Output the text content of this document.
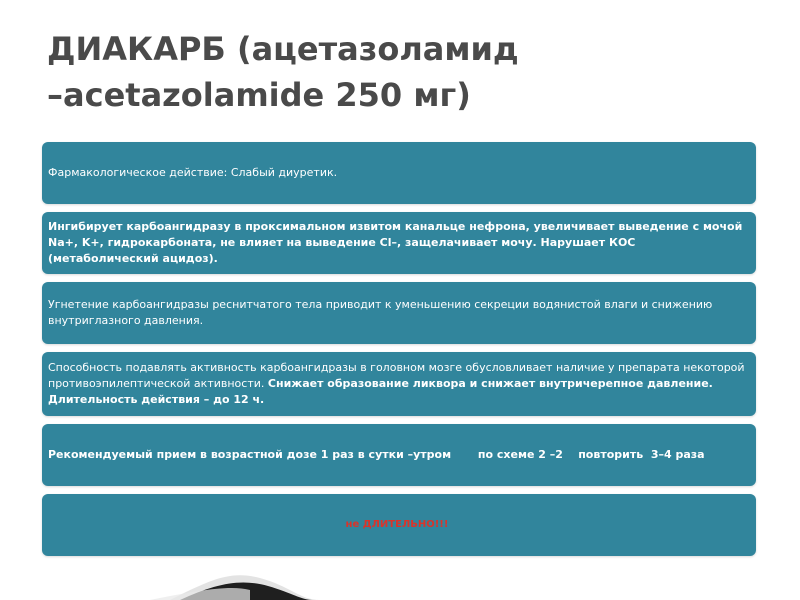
ДИАКАРБ (ацетазоламид
–acetazolamide 250 мг)
Фармакологическое действие: Слабый диуретик.
Ингибирует карбоангидразу в проксимальном извитом канальце нефрона, увеличивает выведение с мочой Na+, K+, гидрокарбоната, не влияет на выведение Cl–, защелачивает мочу. Нарушает КОС (метаболический ацидоз).
Угнетение карбоангидразы реснитчатого тела приводит к уменьшению секреции водянистой влаги и снижению внутриглазного давления.
Способность подавлять активность карбоангидразы в головном мозге обусловливает наличие у препарата некоторой противоэпилептической активности. Снижает образование ликвора и снижает внутричерепное давление. Длительность действия – до 12 ч.
Рекомендуемый прием в возрастной дозе 1 раз в сутки –утром       по схеме 2 –2    повторить  3–4 раза
не ДЛИТЕЛЬНО!!!
